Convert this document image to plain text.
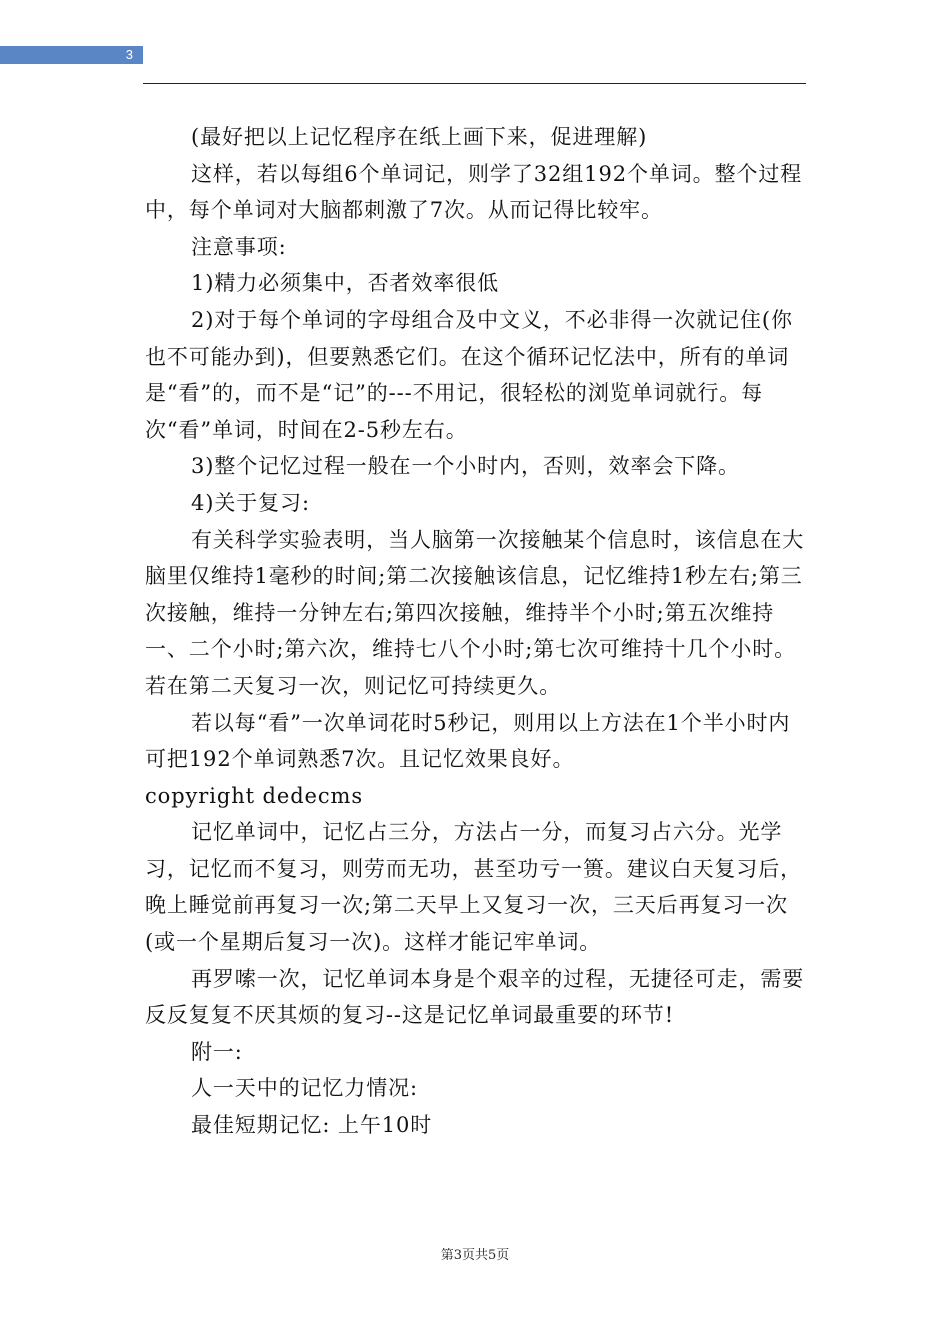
3

(最好把以上记忆程序在纸上画下来，促进理解)

这样，若以每组6个单词记，则学了32组192个单词。整个过程中，每个单词对大脑都刺激了7次。从而记得比较牢。

注意事项:

1)精力必须集中，否者效率很低

2)对于每个单词的字母组合及中文义，不必非得一次就记住(你也不可能办到)，但要熟悉它们。在这个循环记忆法中，所有的单词是“看”的，而不是“记”的---不用记，很轻松的浏览单词就行。每次“看”单词，时间在2-5秒左右。

3)整个记忆过程一般在一个小时内，否则，效率会下降。

4)关于复习:

有关科学实验表明，当人脑第一次接触某个信息时，该信息在大脑里仅维持1毫秒的时间;第二次接触该信息，记忆维持1秒左右;第三次接触，维持一分钟左右;第四次接触，维持半个小时;第五次维持一、二个小时;第六次，维持七八个小时;第七次可维持十几个小时。若在第二天复习一次，则记忆可持续更久。

若以每“看”一次单词花时5秒记，则用以上方法在1个半小时内可把192个单词熟悉7次。且记忆效果良好。

copyright dedecms

记忆单词中，记忆占三分，方法占一分，而复习占六分。光学习，记忆而不复习，则劳而无功，甚至功亏一篑。建议白天复习后，晚上睡觉前再复习一次;第二天早上又复习一次，三天后再复习一次(或一个星期后复习一次)。这样才能记牢单词。

再罗嗦一次，记忆单词本身是个艰辛的过程，无捷径可走，需要反反复复不厌其烦的复习--这是记忆单词最重要的环节!

附一:

人一天中的记忆力情况:

最佳短期记忆: 上午10时

第3页共5页
